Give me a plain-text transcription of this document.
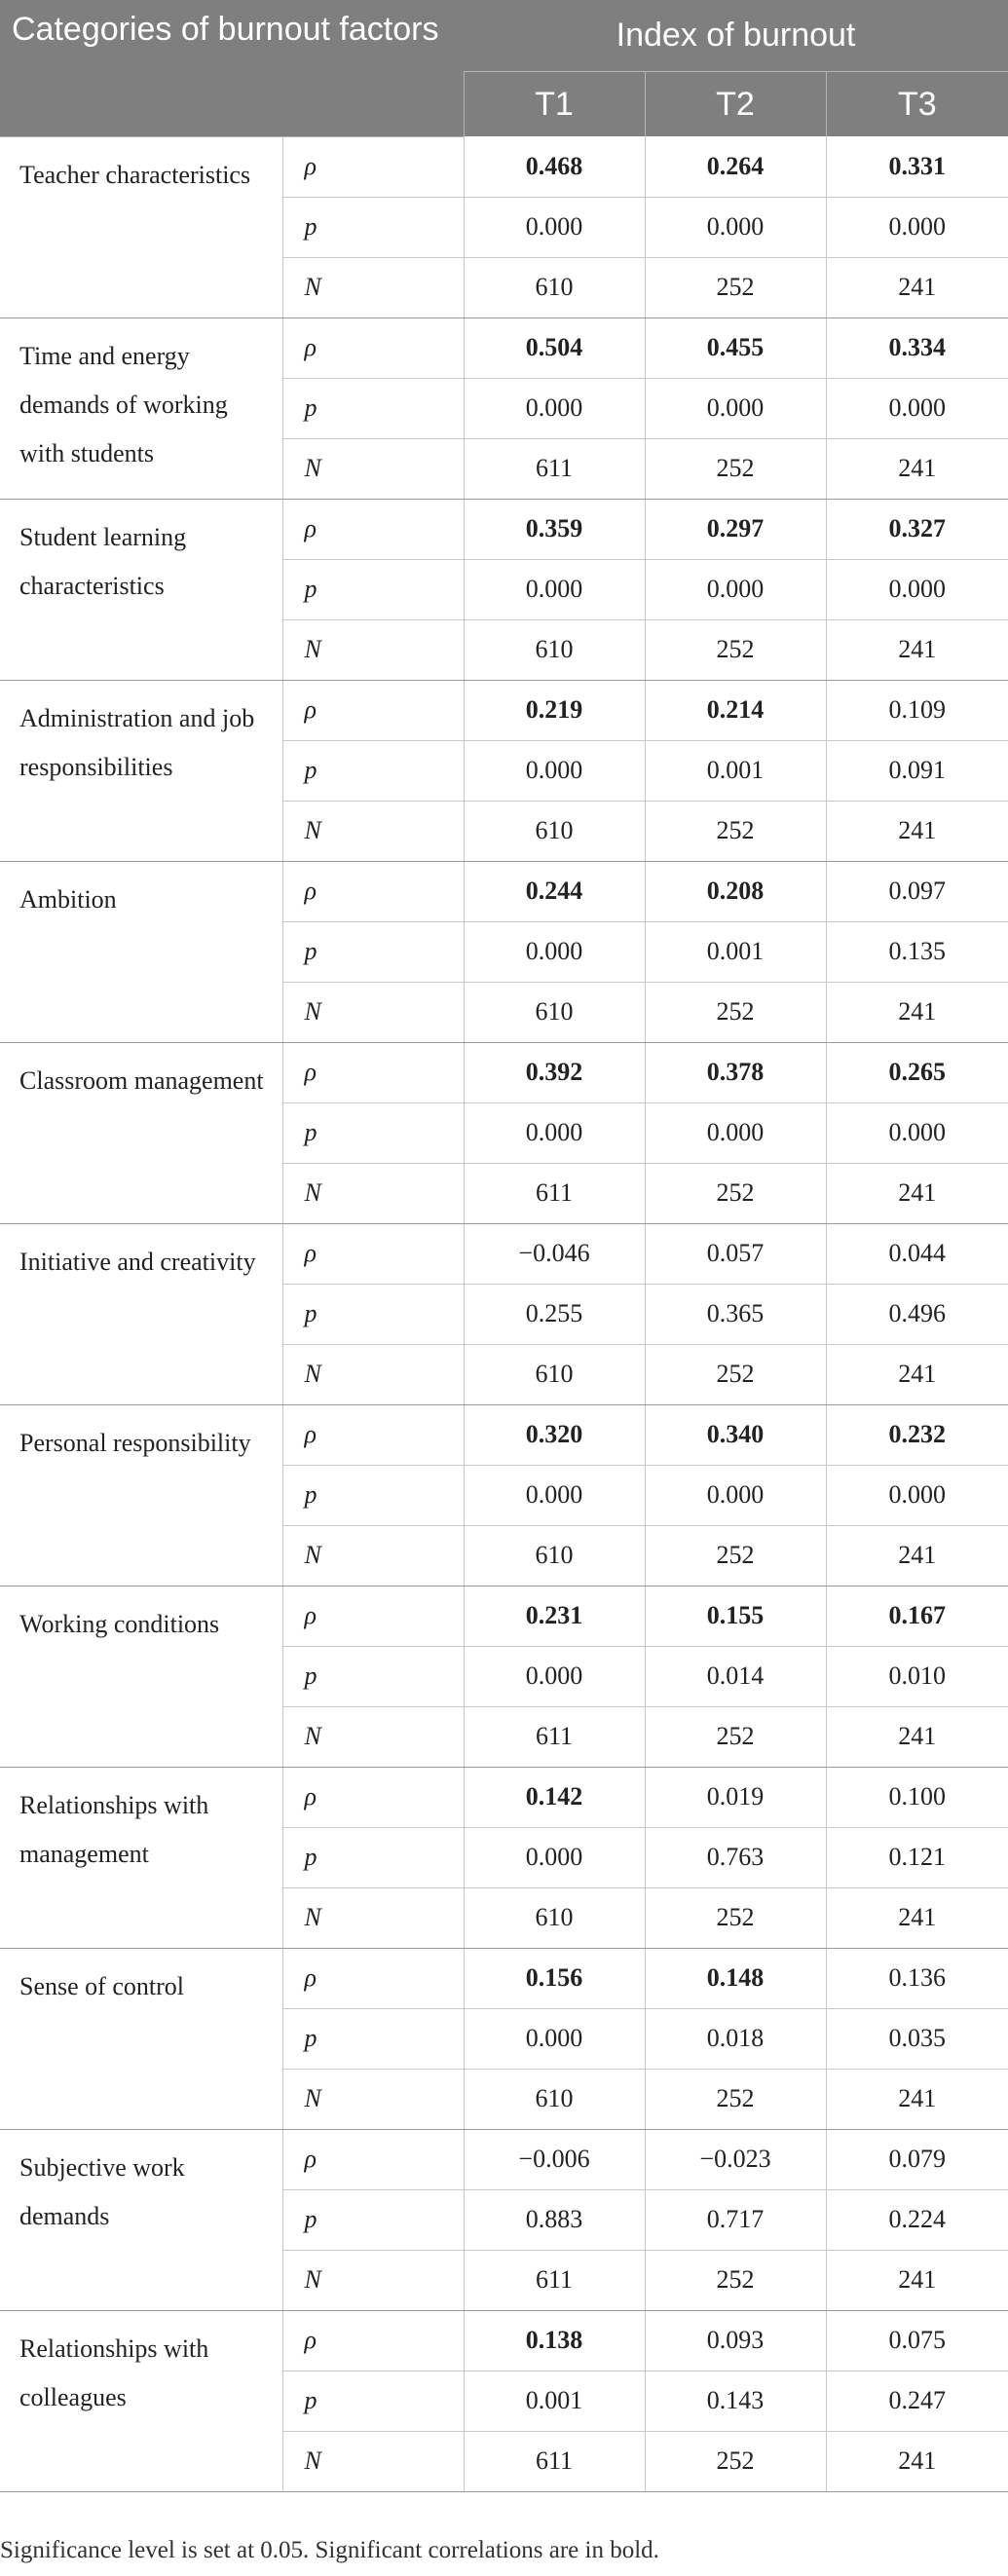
Categories of burnout factors		Index of burnout		
		T1	T2	T3
Teacher characteristics	ρ	0.468	0.264	0.331
	p	0.000	0.000	0.000
	N	610	252	241
Time and energy demands of working with students	ρ	0.504	0.455	0.334
	p	0.000	0.000	0.000
	N	611	252	241
Student learning characteristics	ρ	0.359	0.297	0.327
	p	0.000	0.000	0.000
	N	610	252	241
Administration and job responsibilities	ρ	0.219	0.214	0.109
	p	0.000	0.001	0.091
	N	610	252	241
Ambition	ρ	0.244	0.208	0.097
	p	0.000	0.001	0.135
	N	610	252	241
Classroom management	ρ	0.392	0.378	0.265
	p	0.000	0.000	0.000
	N	611	252	241
Initiative and creativity	ρ	−0.046	0.057	0.044
	p	0.255	0.365	0.496
	N	610	252	241
Personal responsibility	ρ	0.320	0.340	0.232
	p	0.000	0.000	0.000
	N	610	252	241
Working conditions	ρ	0.231	0.155	0.167
	p	0.000	0.014	0.010
	N	611	252	241
Relationships with management	ρ	0.142	0.019	0.100
	p	0.000	0.763	0.121
	N	610	252	241
Sense of control	ρ	0.156	0.148	0.136
	p	0.000	0.018	0.035
	N	610	252	241
Subjective work demands	ρ	−0.006	−0.023	0.079
	p	0.883	0.717	0.224
	N	611	252	241
Relationships with colleagues	ρ	0.138	0.093	0.075
	p	0.001	0.143	0.247
	N	611	252	241
Significance level is set at 0.05. Significant correlations are in bold.
